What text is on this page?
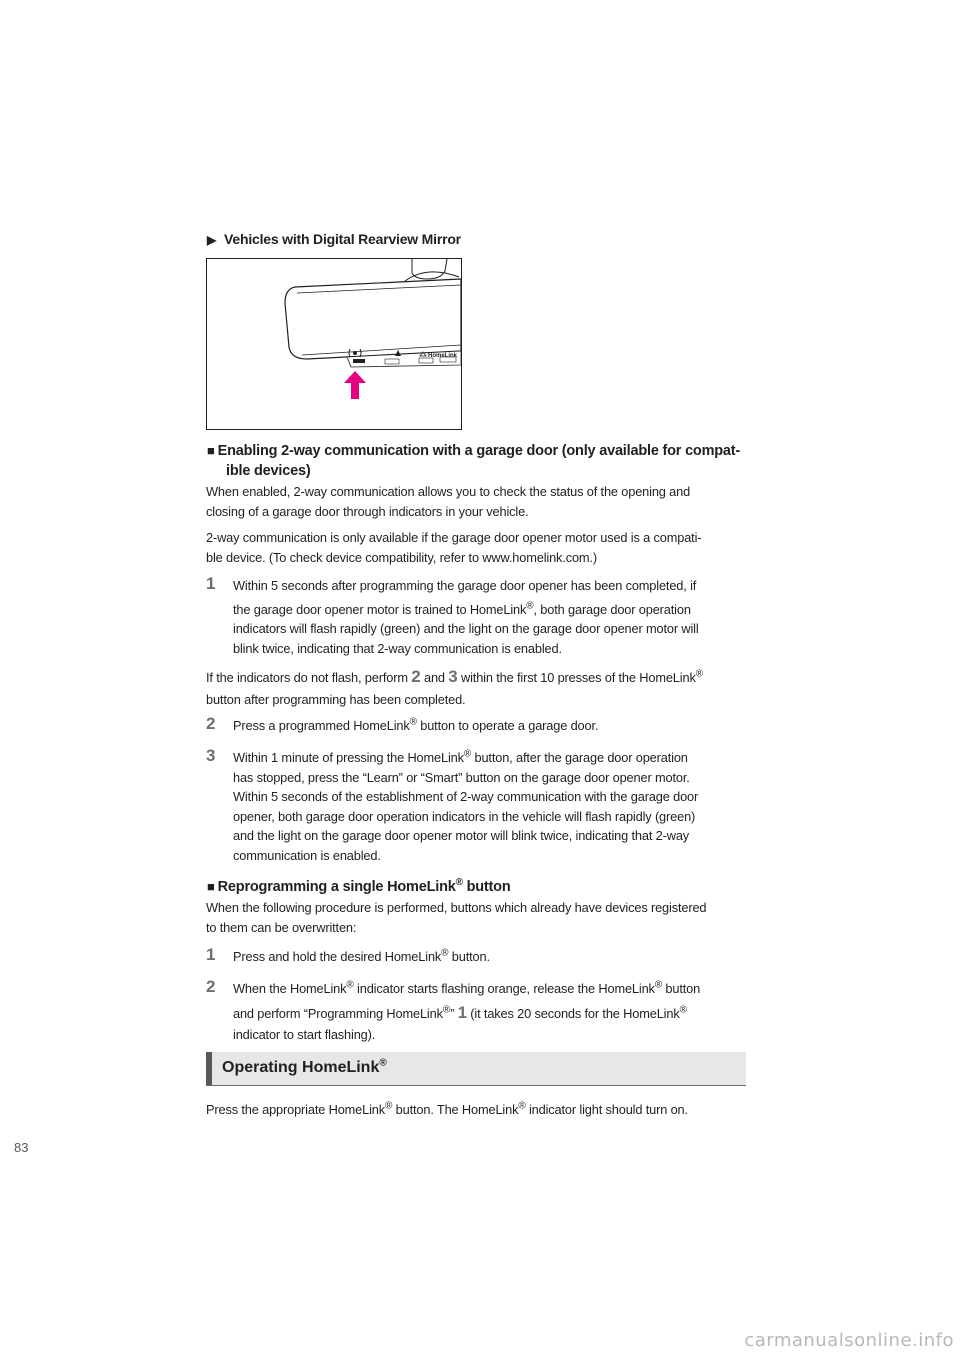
▶ Vehicles with Digital Rearview Mirror
HomeLink
■ Enabling 2-way communication with a garage door (only available for compat-
ible devices)
When enabled, 2-way communication allows you to check the status of the opening and
closing of a garage door through indicators in your vehicle.
2-way communication is only available if the garage door opener motor used is a compati-
ble device. (To check device compatibility, refer to www.homelink.com.)
1 Within 5 seconds after programming the garage door opener has been completed, if
the garage door opener motor is trained to HomeLink®, both garage door operation
indicators will flash rapidly (green) and the light on the garage door opener motor will
blink twice, indicating that 2-way communication is enabled.
If the indicators do not flash, perform 2 and 3 within the first 10 presses of the HomeLink®
button after programming has been completed.
2 Press a programmed HomeLink® button to operate a garage door.
3 Within 1 minute of pressing the HomeLink® button, after the garage door operation
has stopped, press the “Learn” or “Smart” button on the garage door opener motor.
Within 5 seconds of the establishment of 2-way communication with the garage door
opener, both garage door operation indicators in the vehicle will flash rapidly (green)
and the light on the garage door opener motor will blink twice, indicating that 2-way
communication is enabled.
■ Reprogramming a single HomeLink® button
When the following procedure is performed, buttons which already have devices registered
to them can be overwritten:
1 Press and hold the desired HomeLink® button.
2 When the HomeLink® indicator starts flashing orange, release the HomeLink® button
and perform “Programming HomeLink®” 1 (it takes 20 seconds for the HomeLink®
indicator to start flashing).
Operating HomeLink®
Press the appropriate HomeLink® button. The HomeLink® indicator light should turn on.
83
carmanualsonline.info
